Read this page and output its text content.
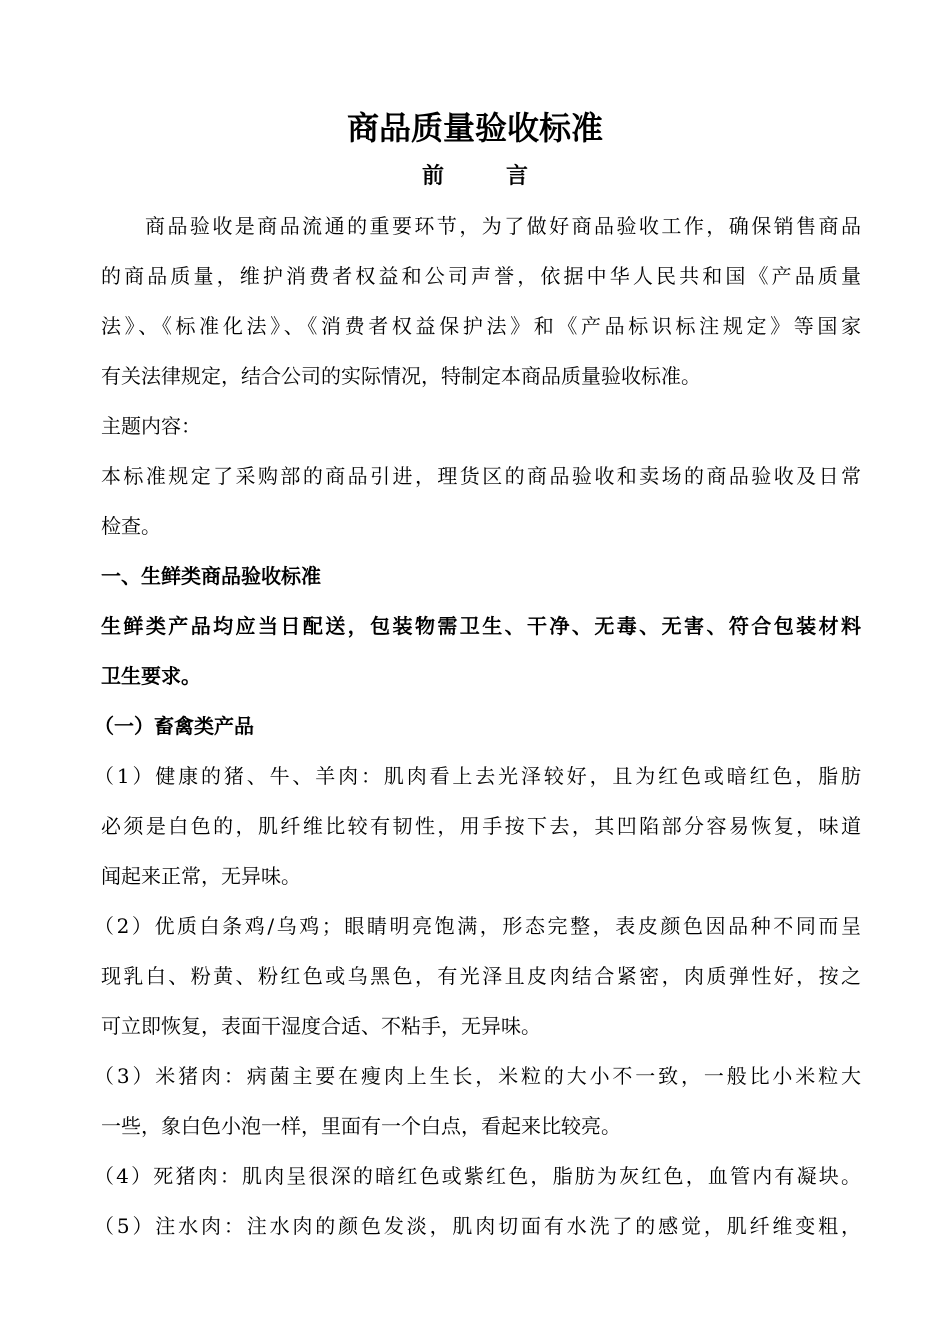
商品质量验收标准
前言
商品验收是商品流通的重要环节，为了做好商品验收工作，确保销售商品
的商品质量，维护消费者权益和公司声誉，依据中华人民共和国《产品质量
法》、《标准化法》、《消费者权益保护法》和《产品标识标注规定》等国家
有关法律规定，结合公司的实际情况，特制定本商品质量验收标准。
主题内容：
本标准规定了采购部的商品引进，理货区的商品验收和卖场的商品验收及日常
检查。
一、生鲜类商品验收标准
生鲜类产品均应当日配送，包装物需卫生、干净、无毒、无害、符合包装材料
卫生要求。
（一）畜禽类产品
（1）健康的猪、牛、羊肉：肌肉看上去光泽较好，且为红色或暗红色，脂肪
必须是白色的，肌纤维比较有韧性，用手按下去，其凹陷部分容易恢复，味道
闻起来正常，无异味。
（2）优质白条鸡/乌鸡；眼睛明亮饱满，形态完整，表皮颜色因品种不同而呈
现乳白、粉黄、粉红色或乌黑色，有光泽且皮肉结合紧密，肉质弹性好，按之
可立即恢复，表面干湿度合适、不粘手，无异味。
（3）米猪肉：病菌主要在瘦肉上生长，米粒的大小不一致，一般比小米粒大
一些，象白色小泡一样，里面有一个白点，看起来比较亮。
（4）死猪肉：肌肉呈很深的暗红色或紫红色，脂肪为灰红色，血管内有凝块。
（5）注水肉：注水肉的颜色发淡，肌肉切面有水洗了的感觉，肌纤维变粗，
